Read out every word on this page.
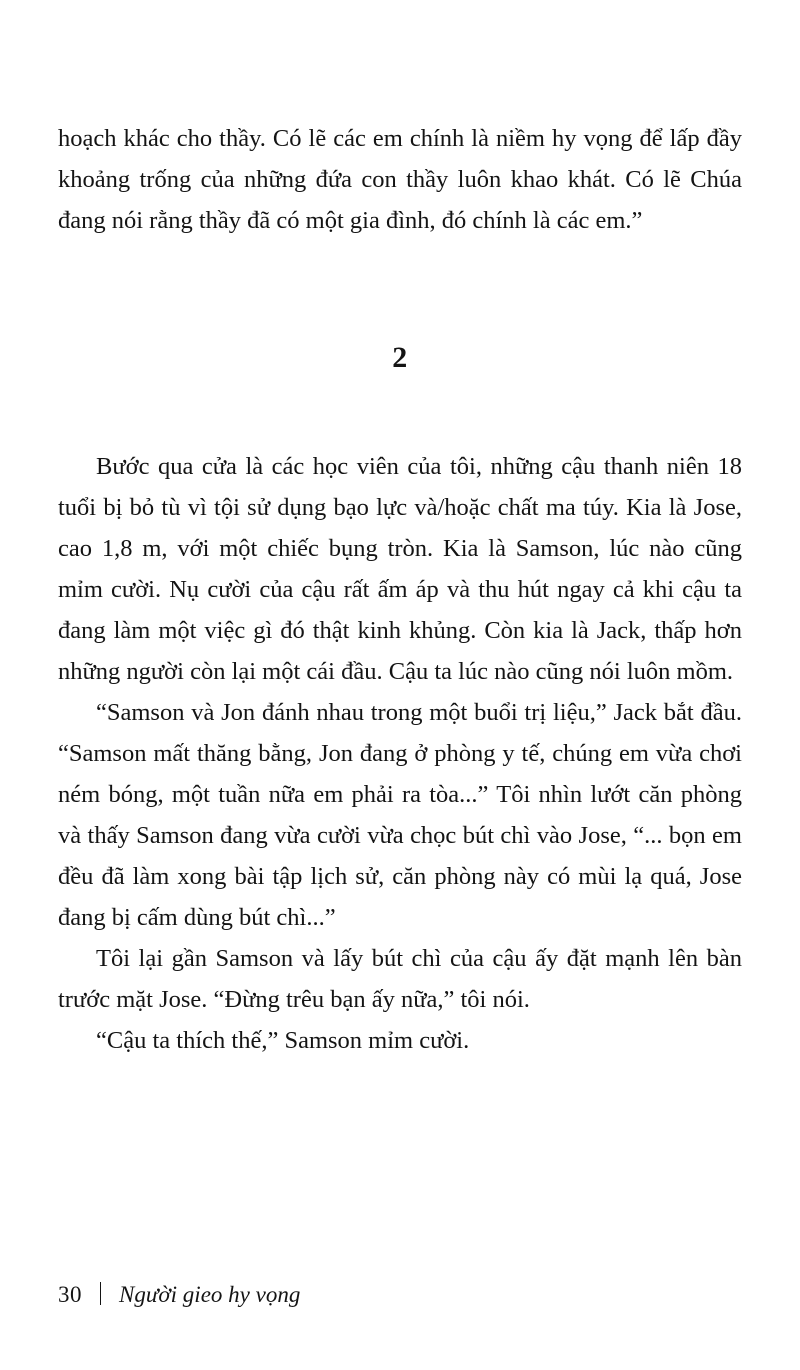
hoạch khác cho thầy. Có lẽ các em chính là niềm hy vọng để lấp đầy khoảng trống của những đứa con thầy luôn khao khát. Có lẽ Chúa đang nói rằng thầy đã có một gia đình, đó chính là các em.”

2

Bước qua cửa là các học viên của tôi, những cậu thanh niên 18 tuổi bị bỏ tù vì tội sử dụng bạo lực và/hoặc chất ma túy. Kia là Jose, cao 1,8 m, với một chiếc bụng tròn. Kia là Samson, lúc nào cũng mỉm cười. Nụ cười của cậu rất ấm áp và thu hút ngay cả khi cậu ta đang làm một việc gì đó thật kinh khủng. Còn kia là Jack, thấp hơn những người còn lại một cái đầu. Cậu ta lúc nào cũng nói luôn mồm.

“Samson và Jon đánh nhau trong một buổi trị liệu,” Jack bắt đầu. “Samson mất thăng bằng, Jon đang ở phòng y tế, chúng em vừa chơi ném bóng, một tuần nữa em phải ra tòa...” Tôi nhìn lướt căn phòng và thấy Samson đang vừa cười vừa chọc bút chì vào Jose, “... bọn em đều đã làm xong bài tập lịch sử, căn phòng này có mùi lạ quá, Jose đang bị cấm dùng bút chì...”

Tôi lại gần Samson và lấy bút chì của cậu ấy đặt mạnh lên bàn trước mặt Jose. “Đừng trêu bạn ấy nữa,” tôi nói.

“Cậu ta thích thế,” Samson mỉm cười.

30 Người gieo hy vọng
